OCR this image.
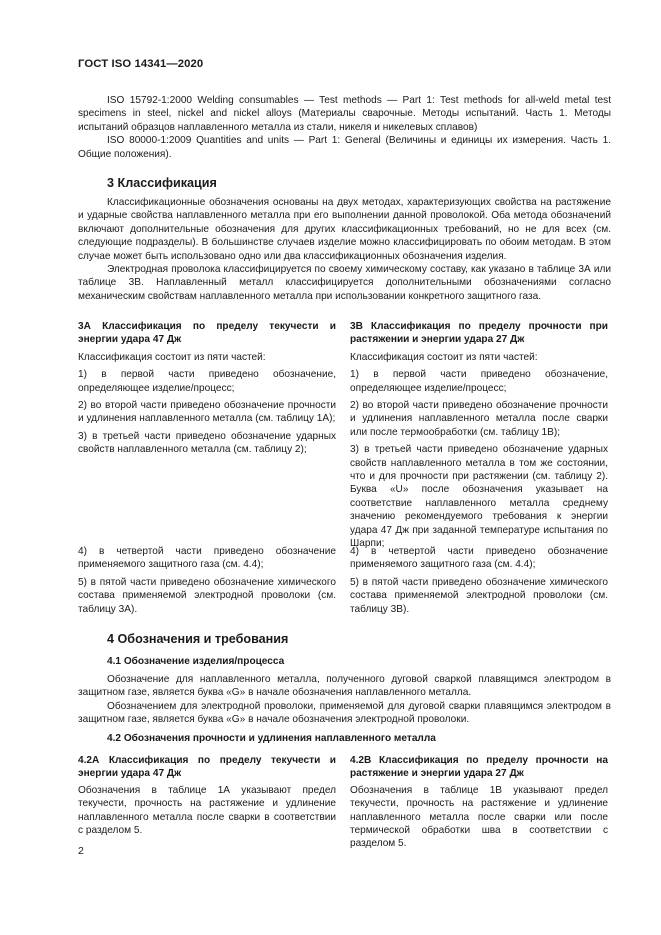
ГОСТ ISO 14341—2020

ISO 15792-1:2000 Welding consumables — Test methods — Part 1: Test methods for all-weld metal test specimens in steel, nickel and nickel alloys (Материалы сварочные. Методы испытаний. Часть 1. Методы испытаний образцов наплавленного металла из стали, никеля и никелевых сплавов)

ISO 80000-1:2009 Quantities and units — Part 1: General (Величины и единицы их измерения. Часть 1. Общие положения).

3 Классификация

Классификационные обозначения основаны на двух методах, характеризующих свойства на растяжение и ударные свойства наплавленного металла при его выполнении данной проволокой. Оба метода обозначений включают дополнительные обозначения для других классификационных требований, но не для всех (см. следующие подразделы). В большинстве случаев изделие можно классифицировать по обоим методам. В этом случае может быть использовано одно или два классификационных обозначения изделия.

Электродная проволока классифицируется по своему химическому составу, как указано в таблице 3А или таблице 3В. Наплавленный металл классифицируется дополнительными обозначениями согласно механическим свойствам наплавленного металла при использовании конкретного защитного газа.

3А Классификация по пределу текучести и энергии удара 47 Дж

Классификация состоит из пяти частей:

1) в первой части приведено обозначение, определяющее изделие/процесс;

2) во второй части приведено обозначение прочности и удлинения наплавленного металла (см. таблицу 1А);

3) в третьей части приведено обозначение ударных свойств наплавленного металла (см. таблицу 2);

4) в четвертой части приведено обозначение применяемого защитного газа (см. 4.4);

5) в пятой части приведено обозначение химического состава применяемой электродной проволоки (см. таблицу 3А).

3В Классификация по пределу прочности при растяжении и энергии удара 27 Дж

Классификация состоит из пяти частей:

1) в первой части приведено обозначение, определяющее изделие/процесс;

2) во второй части приведено обозначение прочности и удлинения наплавленного металла после сварки или после термообработки (см. таблицу 1В);

3) в третьей части приведено обозначение ударных свойств наплавленного металла в том же состоянии, что и для прочности при растяжении (см. таблицу 2). Буква «U» после обозначения указывает на соответствие наплавленного металла среднему значению рекомендуемого требования к энергии удара 47 Дж при заданной температуре испытания по Шарпи;

4) в четвертой части приведено обозначение применяемого защитного газа (см. 4.4);

5) в пятой части приведено обозначение химического состава применяемой электродной проволоки (см. таблицу 3В).

4 Обозначения и требования
4.1 Обозначение изделия/процесса

Обозначение для наплавленного металла, полученного дуговой сваркой плавящимся электродом в защитном газе, является буква «G» в начале обозначения наплавленного металла.

Обозначением для электродной проволоки, применяемой для дуговой сварки плавящимся электродом в защитном газе, является буква «G» в начале обозначения электродной проволоки.

4.2 Обозначения прочности и удлинения наплавленного металла

4.2А Классификация по пределу текучести и энергии удара 47 Дж

Обозначения в таблице 1А указывают предел текучести, прочность на растяжение и удлинение наплавленного металла после сварки в соответствии с разделом 5.

4.2В Классификация по пределу прочности на растяжение и энергии удара 27 Дж

Обозначения в таблице 1В указывают предел текучести, прочность на растяжение и удлинение наплавленного металла после сварки или после термической обработки шва в соответствии с разделом 5.

2
